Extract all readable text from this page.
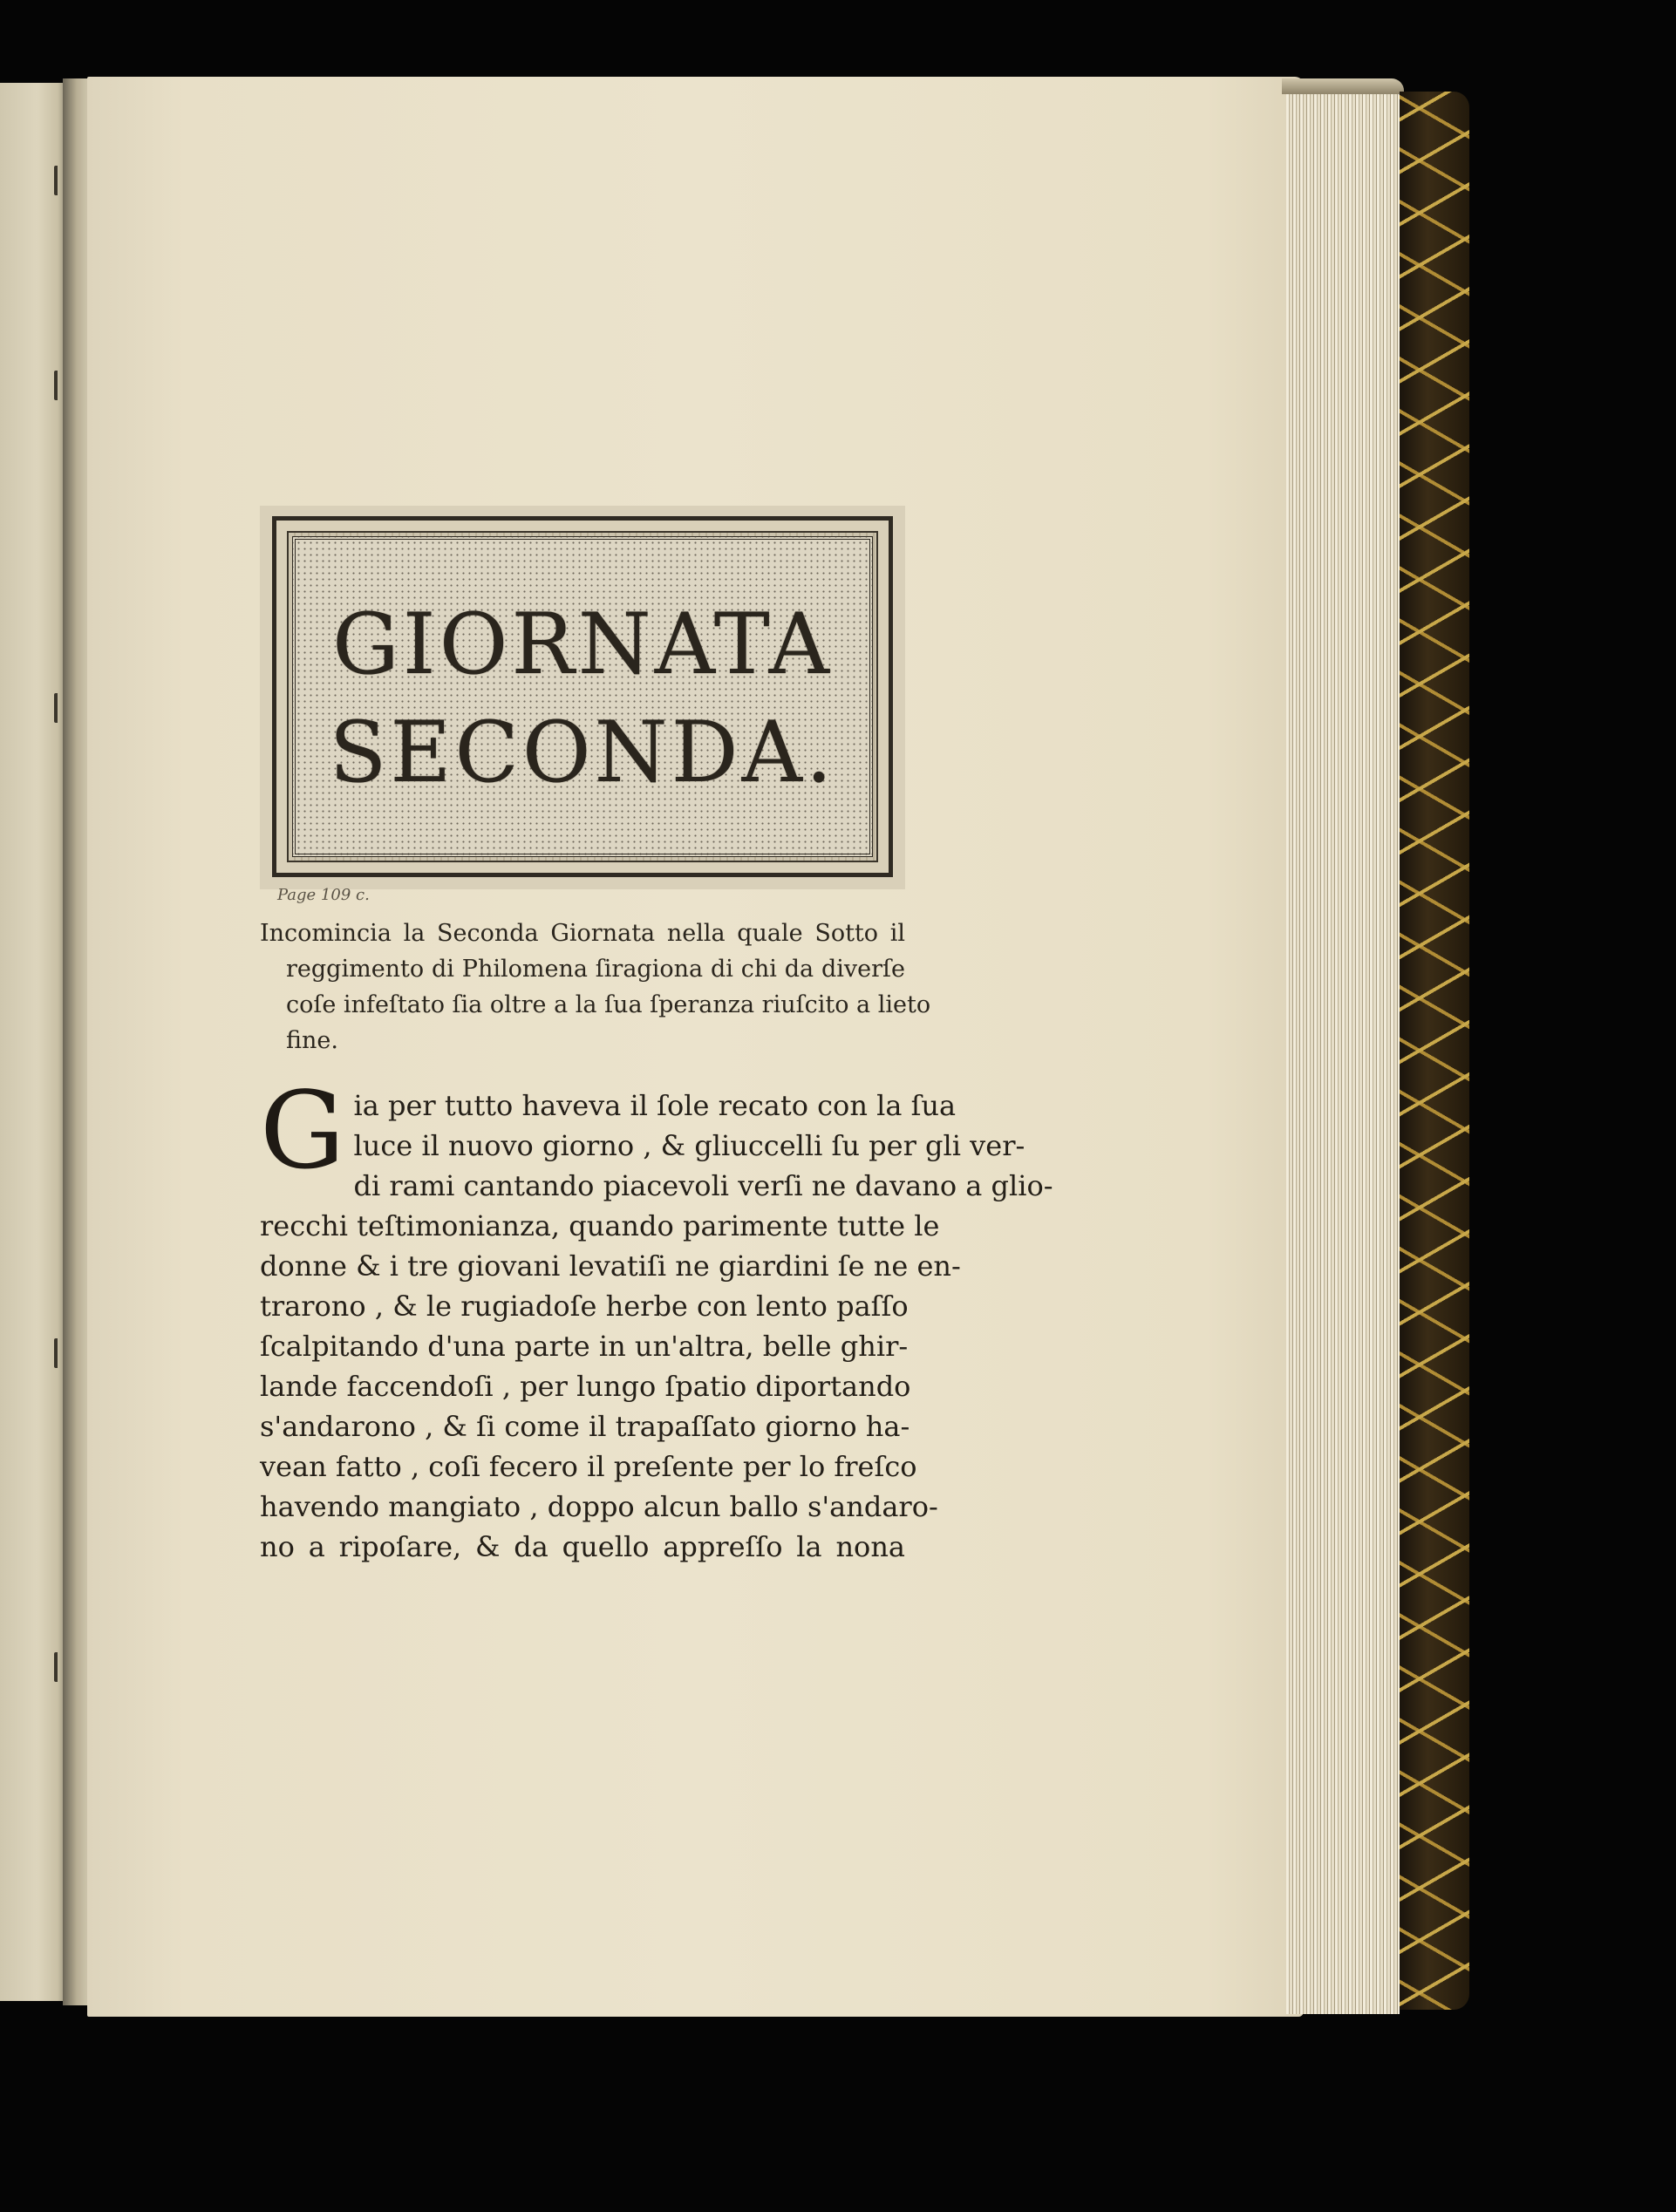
GIORNATA
SECONDA.
Page 109 c.
Incomincia la Seconda Giornata nella quale Sotto il
reggimento di Philomena ſiragiona di chi da diverſe
coſe infeſtato ſia oltre a la ſua ſperanza riuſcito a lieto
fine.
G ia per tutto haveva il ſole recato con la ſua
luce il nuovo giorno , & gliuccelli ſu per gli ver-
di rami cantando piacevoli verſi ne davano a glio-
recchi teſtimonianza, quando parimente tutte le
donne & i tre giovani levatiſi ne giardini ſe ne en-
trarono , & le rugiadoſe herbe con lento paſſo
ſcalpitando d'una parte in un'altra, belle ghir-
lande faccendoſi , per lungo ſpatio diportando
s'andarono , & ſi come il trapaſſato giorno ha-
vean fatto , coſi fecero il preſente per lo freſco
havendo mangiato , doppo alcun ballo s'andaro-
no a ripoſare, & da quello appreſſo la nona
